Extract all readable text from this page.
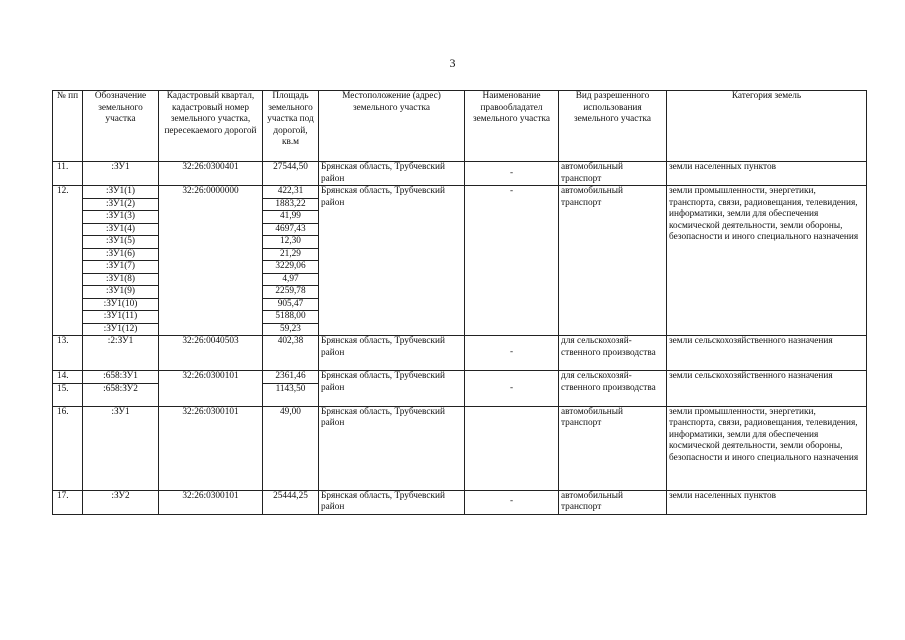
3
№ пп	Обозначение земельного участка	Кадастровый квартал, кадастровый номер земельного участка, пересекаемого дорогой	Площадь земельного участка под дорогой, кв.м	Местоположение (адрес) земельного участка	Наименование правообладател земельного участка	Вид разрешенного использования земельного участка	Категория земель
11.	:ЗУ1	32:26:0300401	27544,50	Брянская область, Трубчевский район	-	автомобильный транспорт	земли населенных пунктов
12.	:ЗУ1(1)	32:26:0000000	422,31	Брянская область, Трубчевский район	-	автомобильный транспорт	земли промышленности, энергетики, транспорта, связи, радиовещания, телевидения, информатики, земли для обеспечения космической деятельности, земли обороны, безопасности и иного специального назначения
	:ЗУ1(2)		1883,22				
	:ЗУ1(3)		41,99				
	:ЗУ1(4)		4697,43				
	:ЗУ1(5)		12,30				
	:ЗУ1(6)		21,29				
	:ЗУ1(7)		3229,06				
	:ЗУ1(8)		4,97				
	:ЗУ1(9)		2259,78				
	:ЗУ1(10)		905,47				
	:ЗУ1(11)		5188,00				
	:ЗУ1(12)		59,23				
13.	:2:ЗУ1	32:26:0040503	402,38	Брянская область, Трубчевский район	-	для сельскохозяй-ственного производства	земли сельскохозяйственного назначения
14.	:658:ЗУ1	32:26:0300101	2361,46	Брянская область, Трубчевский район	-	для сельскохозяй-ственного производства	земли сельскохозяйственного назначения
15.	:658:ЗУ2		1143,50				
16.	:ЗУ1	32:26:0300101	49,00	Брянская область, Трубчевский район		автомобильный транспорт	земли промышленности, энергетики, транспорта, связи, радиовещания, телевидения, информатики, земли для обеспечения космической деятельности, земли обороны, безопасности и иного специального назначения
17.	:ЗУ2	32:26:0300101	25444,25	Брянская область, Трубчевский район	-	автомобильный транспорт	земли населенных пунктов
